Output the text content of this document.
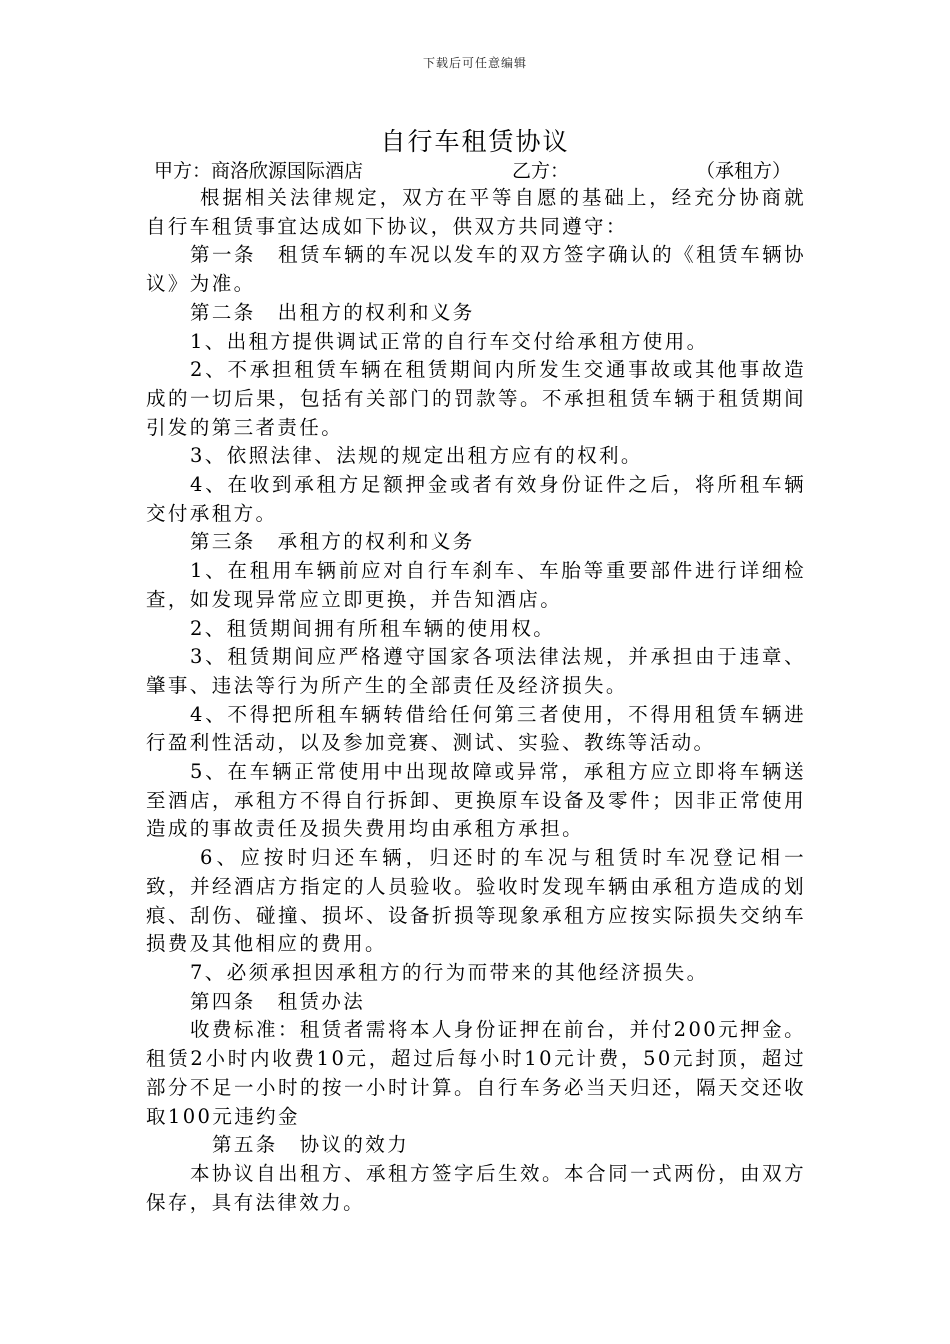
下载后可任意编辑
自行车租赁协议
甲方：商洛欣源国际酒店	乙方：	（承租方）

根据相关法律规定，双方在平等自愿的基础上，经充分协商就自行车租赁事宜达成如下协议，供双方共同遵守：

第一条　租赁车辆的车况以发车的双方签字确认的《租赁车辆协议》为准。

第二条　出租方的权利和义务

1、出租方提供调试正常的自行车交付给承租方使用。

2、不承担租赁车辆在租赁期间内所发生交通事故或其他事故造成的一切后果，包括有关部门的罚款等。不承担租赁车辆于租赁期间引发的第三者责任。

3、依照法律、法规的规定出租方应有的权利。

4、在收到承租方足额押金或者有效身份证件之后，将所租车辆交付承租方。

第三条　承租方的权利和义务

1、在租用车辆前应对自行车刹车、车胎等重要部件进行详细检查，如发现异常应立即更换，并告知酒店。

2、租赁期间拥有所租车辆的使用权。

3、租赁期间应严格遵守国家各项法律法规，并承担由于违章、肇事、违法等行为所产生的全部责任及经济损失。

4、不得把所租车辆转借给任何第三者使用，不得用租赁车辆进行盈利性活动，以及参加竞赛、测试、实验、教练等活动。

5、在车辆正常使用中出现故障或异常，承租方应立即将车辆送至酒店，承租方不得自行拆卸、更换原车设备及零件；因非正常使用造成的事故责任及损失费用均由承租方承担。

6、应按时归还车辆，归还时的车况与租赁时车况登记相一致，并经酒店方指定的人员验收。验收时发现车辆由承租方造成的划痕、刮伤、碰撞、损坏、设备折损等现象承租方应按实际损失交纳车损费及其他相应的费用。

7、必须承担因承租方的行为而带来的其他经济损失。

第四条　租赁办法

收费标准：租赁者需将本人身份证押在前台，并付200元押金。租赁2小时内收费10元，超过后每小时10元计费，50元封顶，超过部分不足一小时的按一小时计算。自行车务必当天归还，隔天交还收取100元违约金

第五条　协议的效力

本协议自出租方、承租方签字后生效。本合同一式两份，由双方保存，具有法律效力。
